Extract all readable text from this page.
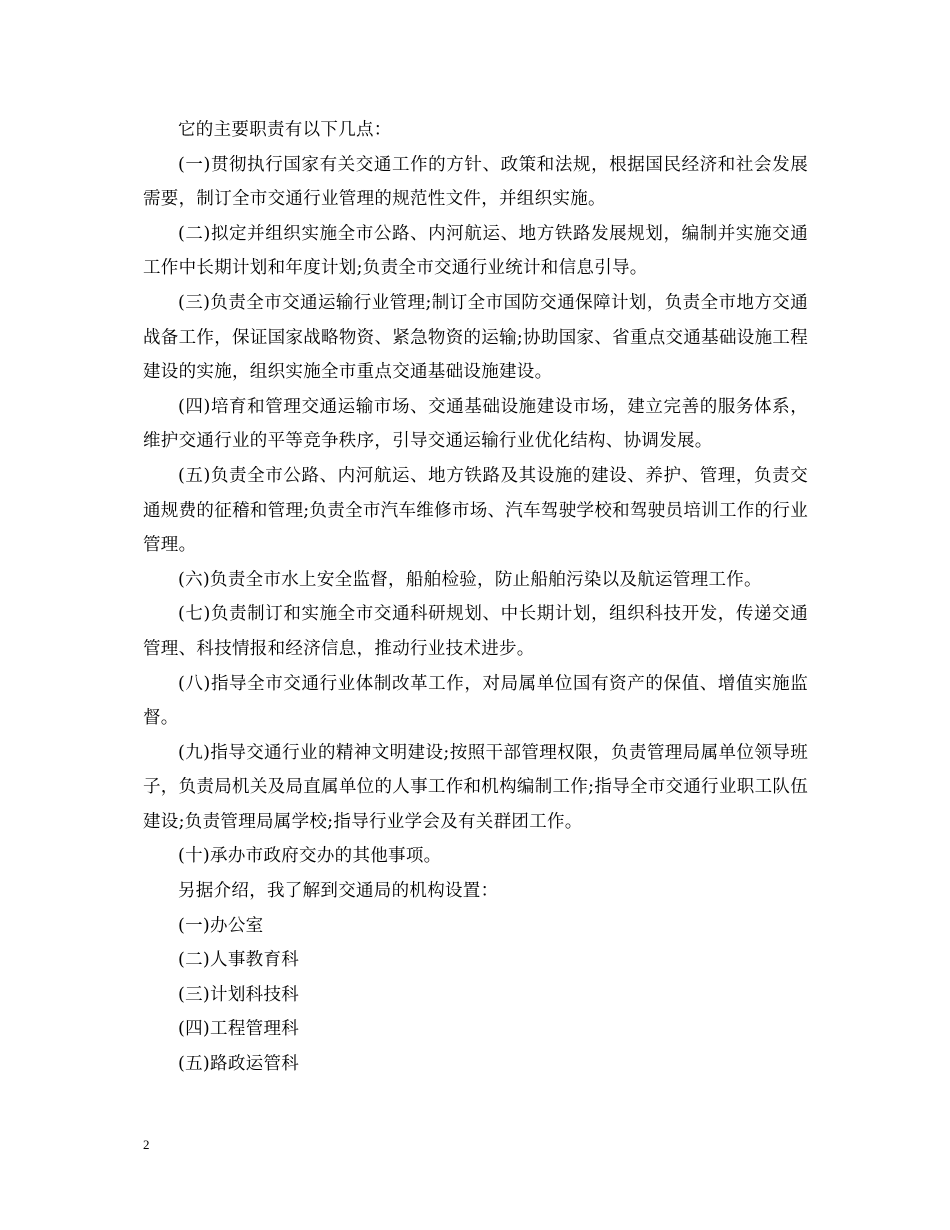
它的主要职责有以下几点：

(一)贯彻执行国家有关交通工作的方针、政策和法规，根据国民经济和社会发展需要，制订全市交通行业管理的规范性文件，并组织实施。

(二)拟定并组织实施全市公路、内河航运、地方铁路发展规划，编制并实施交通工作中长期计划和年度计划;负责全市交通行业统计和信息引导。

(三)负责全市交通运输行业管理;制订全市国防交通保障计划，负责全市地方交通战备工作，保证国家战略物资、紧急物资的运输;协助国家、省重点交通基础设施工程建设的实施，组织实施全市重点交通基础设施建设。

(四)培育和管理交通运输市场、交通基础设施建设市场，建立完善的服务体系，维护交通行业的平等竞争秩序，引导交通运输行业优化结构、协调发展。

(五)负责全市公路、内河航运、地方铁路及其设施的建设、养护、管理，负责交通规费的征稽和管理;负责全市汽车维修市场、汽车驾驶学校和驾驶员培训工作的行业管理。

(六)负责全市水上安全监督，船舶检验，防止船舶污染以及航运管理工作。

(七)负责制订和实施全市交通科研规划、中长期计划，组织科技开发，传递交通管理、科技情报和经济信息，推动行业技术进步。

(八)指导全市交通行业体制改革工作，对局属单位国有资产的保值、增值实施监督。

(九)指导交通行业的精神文明建设;按照干部管理权限，负责管理局属单位领导班子，负责局机关及局直属单位的人事工作和机构编制工作;指导全市交通行业职工队伍建设;负责管理局属学校;指导行业学会及有关群团工作。

(十)承办市政府交办的其他事项。

另据介绍，我了解到交通局的机构设置：

(一)办公室

(二)人事教育科

(三)计划科技科

(四)工程管理科

(五)路政运管科

2
